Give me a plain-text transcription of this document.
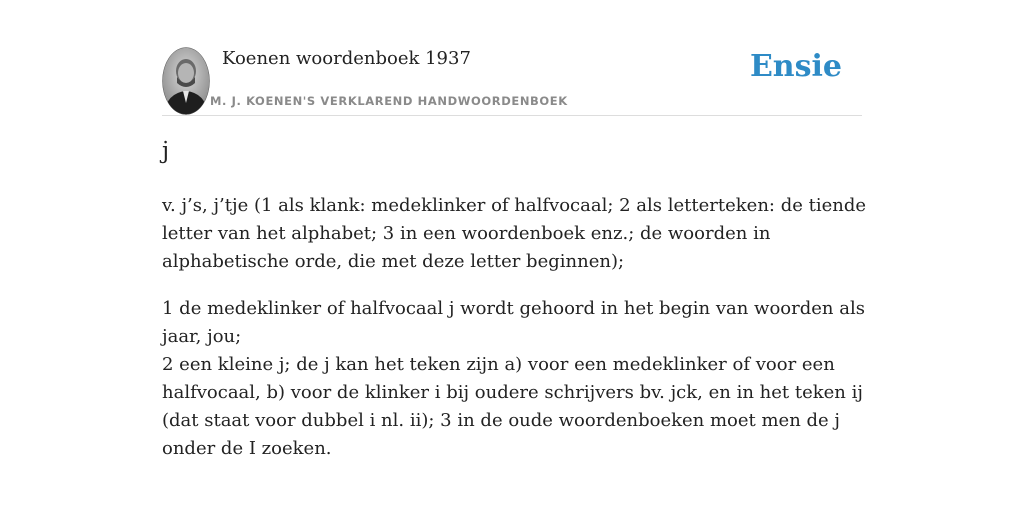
Koenen woordenboek 1937
M. J. KOENEN'S VERKLAREND HANDWOORDENBOEK
Ensie
j

v. j’s, j’tje (1 als klank: medeklinker of halfvocaal; 2 als letterteken: de tiende letter van het alphabet; 3 in een woordenboek enz.; de woorden in alphabetische orde, die met deze letter beginnen);

1 de medeklinker of halfvocaal j wordt gehoord in het begin van woorden als jaar, jou;
2 een kleine j; de j kan het teken zijn a) voor een medeklinker of voor een halfvocaal, b) voor de klinker i bij oudere schrijvers bv. jck, en in het teken ij (dat staat voor dubbel i nl. ii); 3 in de oude woordenboeken moet men de j onder de I zoeken.
